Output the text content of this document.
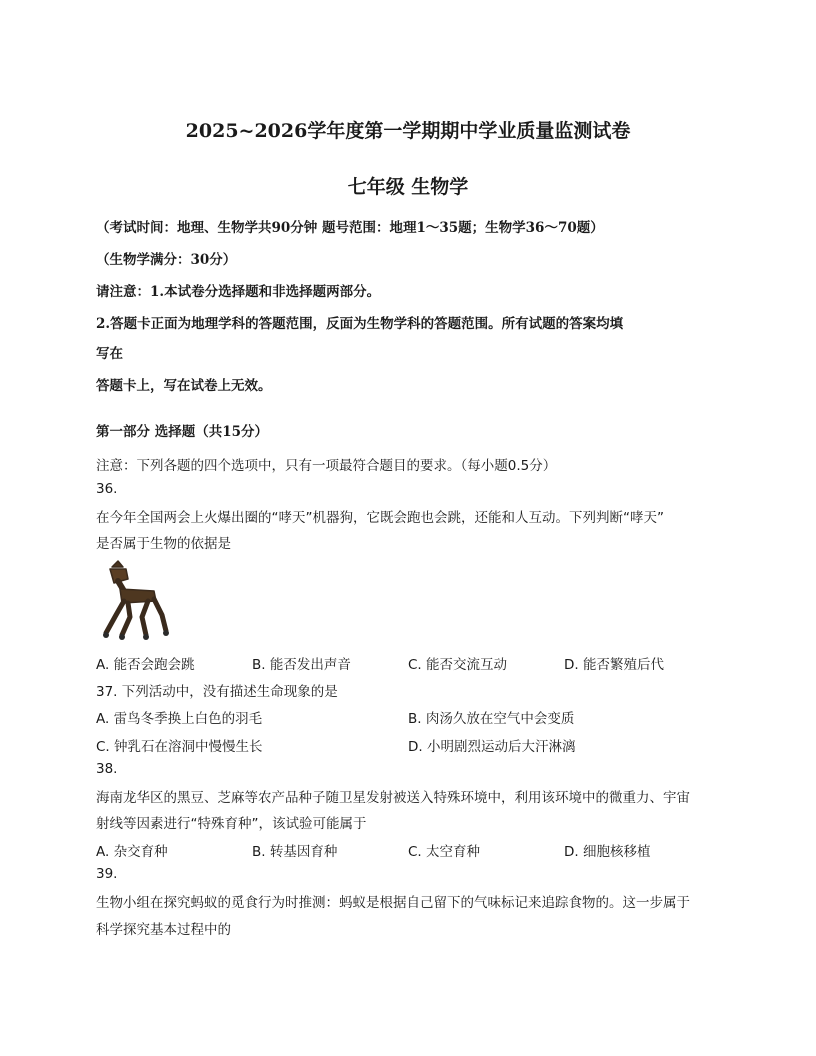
2025~2026学年度第一学期期中学业质量监测试卷
七年级 生物学
（考试时间：地理、生物学共90分钟 题号范围：地理1～35题；生物学36～70题）
（生物学满分：30分）
请注意：1.本试卷分选择题和非选择题两部分。
2.答题卡正面为地理学科的答题范围，反面为生物学科的答题范围。所有试题的答案均填
写在
答题卡上，写在试卷上无效。
第一部分 选择题（共15分）
注意：下列各题的四个选项中，只有一项最符合题目的要求。（每小题0.5分）
36.
在今年全国两会上火爆出圈的“哮天”机器狗，它既会跑也会跳，还能和人互动。下列判断“哮天”
是否属于生物的依据是
A. 能否会跑会跳	B. 能否发出声音	C. 能否交流互动	D. 能否繁殖后代
37. 下列活动中，没有描述生命现象的是
A. 雷鸟冬季换上白色的羽毛	B. 肉汤久放在空气中会变质
C. 钟乳石在溶洞中慢慢生长	D. 小明剧烈运动后大汗淋漓
38.
海南龙华区的黑豆、芝麻等农产品种子随卫星发射被送入特殊环境中，利用该环境中的微重力、宇宙
射线等因素进行“特殊育种”，该试验可能属于
A. 杂交育种	B. 转基因育种	C. 太空育种	D. 细胞核移植
39.
生物小组在探究蚂蚁的觅食行为时推测：蚂蚁是根据自己留下的气味标记来追踪食物的。这一步属于
科学探究基本过程中的
